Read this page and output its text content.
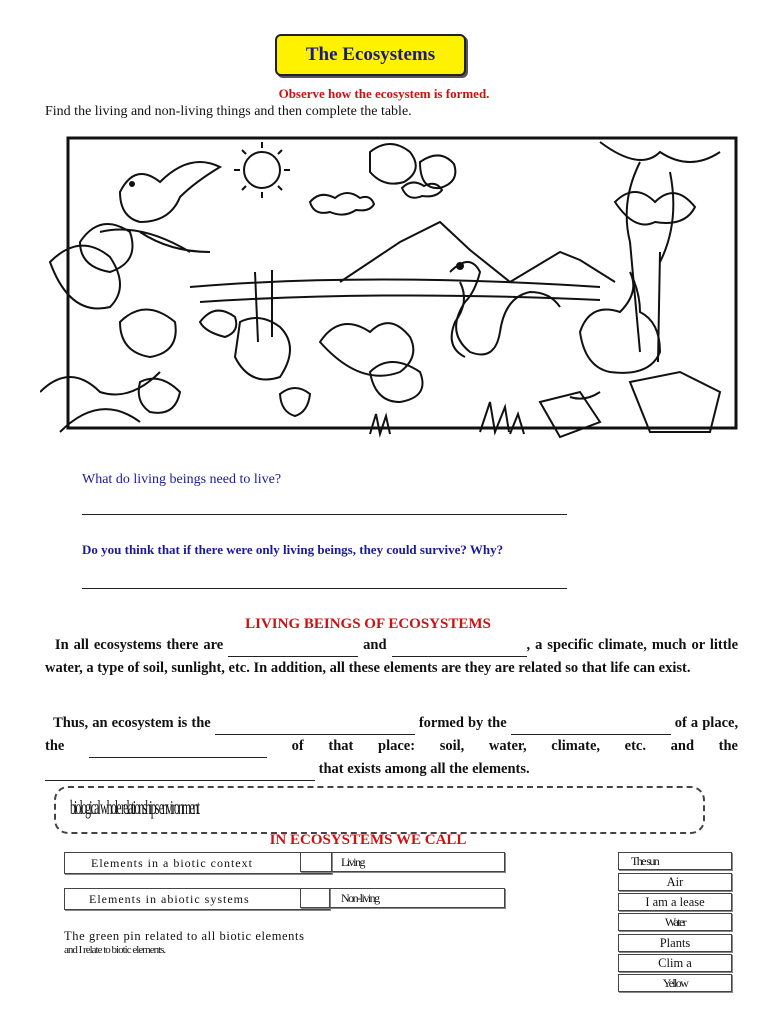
The Ecosystems
Observe how the ecosystem is formed.
Find the living and non-living things and then complete the table.
What do living beings need to live?
Do you think that if there were only living beings, they could survive? Why?
LIVING BEINGS OF ECOSYSTEMS
In all ecosystems there are	and	, a specific climate, much or little water, a type of soil, sunlight, etc. In addition, all these elements are they are related so that life can exist.
Thus, an ecosystem is the	formed by the	of a place, the	of that place: soil, water, climate, etc. and the   that exists among all the elements.
biological whole relationships environment
IN ECOSYSTEMS WE CALL
Elements in a biotic context	Living
Elements in abiotic systems	Non-living
The green pin related to all biotic elements
and I relate to biotic elements.
The sun
Air
I am a lease
Water
Plants
Clim a
Yellow
